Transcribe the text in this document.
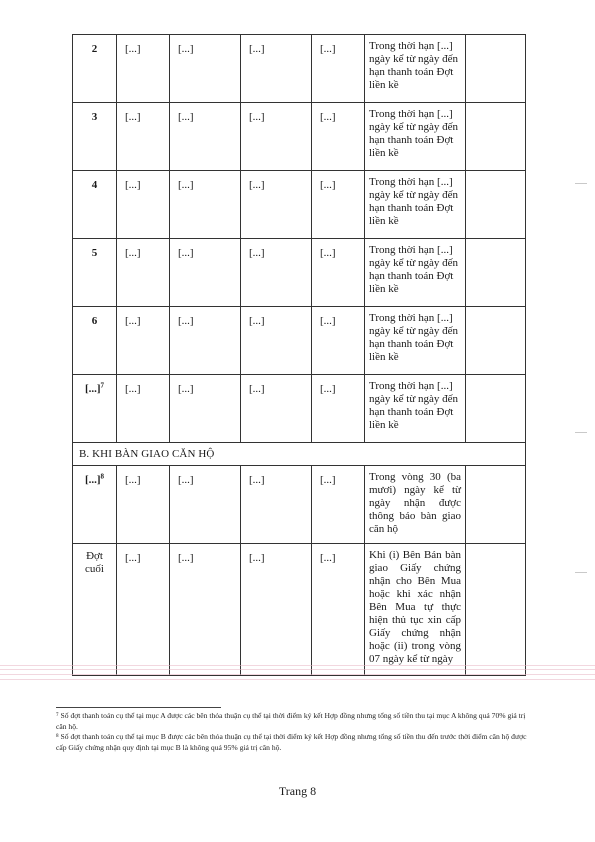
2	[...]	[...]	[...]	[...]	Trong thời hạn [...] ngày kể từ ngày đến hạn thanh toán Đợt liền kề	

3	[...]	[...]	[...]	[...]	Trong thời hạn [...] ngày kể từ ngày đến hạn thanh toán Đợt liền kề	

4	[...]	[...]	[...]	[...]	Trong thời hạn [...] ngày kể từ ngày đến hạn thanh toán Đợt liền kề	

5	[...]	[...]	[...]	[...]	Trong thời hạn [...] ngày kể từ ngày đến hạn thanh toán Đợt liền kề	

6	[...]	[...]	[...]	[...]	Trong thời hạn [...] ngày kể từ ngày đến hạn thanh toán Đợt liền kề	

[...]$^7$	[...]	[...]	[...]	[...]	Trong thời hạn [...] ngày kể từ ngày đến hạn thanh toán Đợt liền kề	

B. KHI BÀN GIAO CĂN HỘ						

[...]$^8$	[...]	[...]	[...]	[...]	Trong vòng 30 (ba mươi) ngày kể từ ngày nhận được thông báo bàn giao căn hộ	

Đợt cuối	[...]	[...]	[...]	[...]	Khi (i) Bên Bán bàn giao Giấy chứng nhận cho Bên Mua hoặc khi xác nhận Bên Mua tự thực hiện thủ tục xin cấp Giấy chứng nhận hoặc (ii) trong vòng 07 ngày kể từ ngày	

⁷ Số đợt thanh toán cụ thể tại mục A được các bên thỏa thuận cụ thể tại thời điểm ký kết Hợp đồng nhưng tổng số tiền thu tại mục A không quá 70% giá trị căn hộ.

⁸ Số đợt thanh toán cụ thể tại mục B được các bên thỏa thuận cụ thể tại thời điểm ký kết Hợp đồng nhưng tổng số tiền thu đến trước thời điểm căn hộ được cấp Giấy chứng nhận quy định tại mục B là không quá 95% giá trị căn hộ.

Trang 8
